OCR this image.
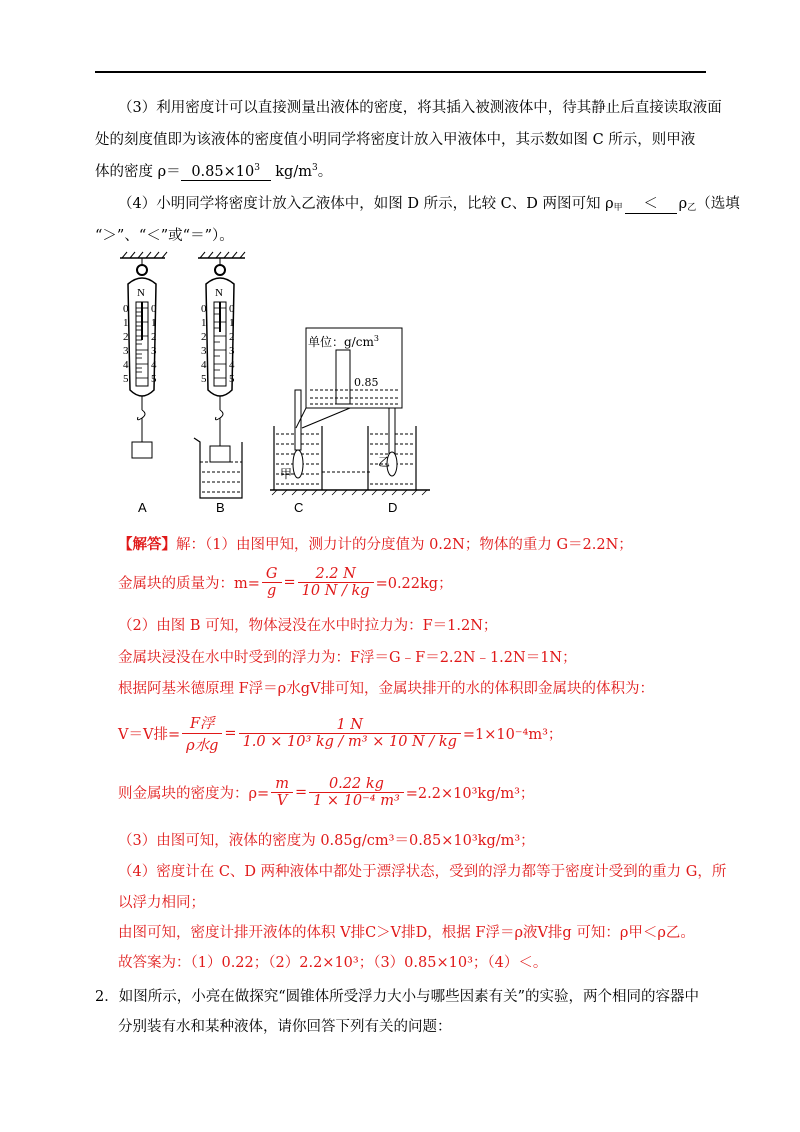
（3）利用密度计可以直接测量出液体的密度，将其插入被测液体中，待其静止后直接读取液面
处的刻度值即为该液体的密度值小明同学将密度计放入甲液体中，其示数如图 C 所示，则甲液
体的密度 $\rho= 0.85\times 10^3$ $kg/m^3$。
（4）小明同学将密度计放入乙液体中，如图 D 所示，比较 C、D 两图可知 $\rho_甲 < \rho_乙$（选填
“＞”、“＜”或“＝”）。
N
0
1
2
3
4
5
0
1
2
3
4
5
N
0
1
2
3
4
5
0
1
2
3
4
5
甲
乙
单位：$g/cm^3$
0.85
A	B	C	D
【解答】解：（1）由图甲知，测力计的分度值为 0.2N；物体的重力 G＝2.2N；
金属块的质量为：$m= \frac{G}{g} = \frac{2.2 N}{10 N / kg} =0.22kg$；
（2）由图 B 可知，物体浸没在水中时拉力为：F＝1.2N；
金属块浸没在水中时受到的浮力为：F浮＝G﹣F＝2.2N﹣1.2N＝1N；
根据阿基米德原理 F浮＝ρ水gV排可知，金属块排开的水的体积即金属块的体积为：
V＝V排= $\frac{\text{F浮}}{\text{ρ水g}} = \frac{1 N}{\text{1.0 × 10³ kg / m³ × 10 N / kg}} =1\times 10^{-4}m^3$；
则金属块的密度为：$\rho= \frac{m}{V} = \frac{0.22 kg}{\text{1 × 10⁻⁴ m³}} =2.2\times 10^3kg/m^3$；
（3）由图可知，液体的密度为 0.85g/cm³＝0.85×10³kg/m³；
（4）密度计在 C、D 两种液体中都处于漂浮状态，受到的浮力都等于密度计受到的重力 G，所
以浮力相同；
由图可知，密度计排开液体的体积 V排C＞V排D，根据 F浮＝ρ液V排g 可知：ρ甲＜ρ乙。
故答案为：（1）0.22；（2）2.2×10³；（3）0.85×10³；（4）＜。
2．如图所示，小亮在做探究“圆锥体所受浮力大小与哪些因素有关”的实验，两个相同的容器中
分别装有水和某种液体，请你回答下列有关的问题：
